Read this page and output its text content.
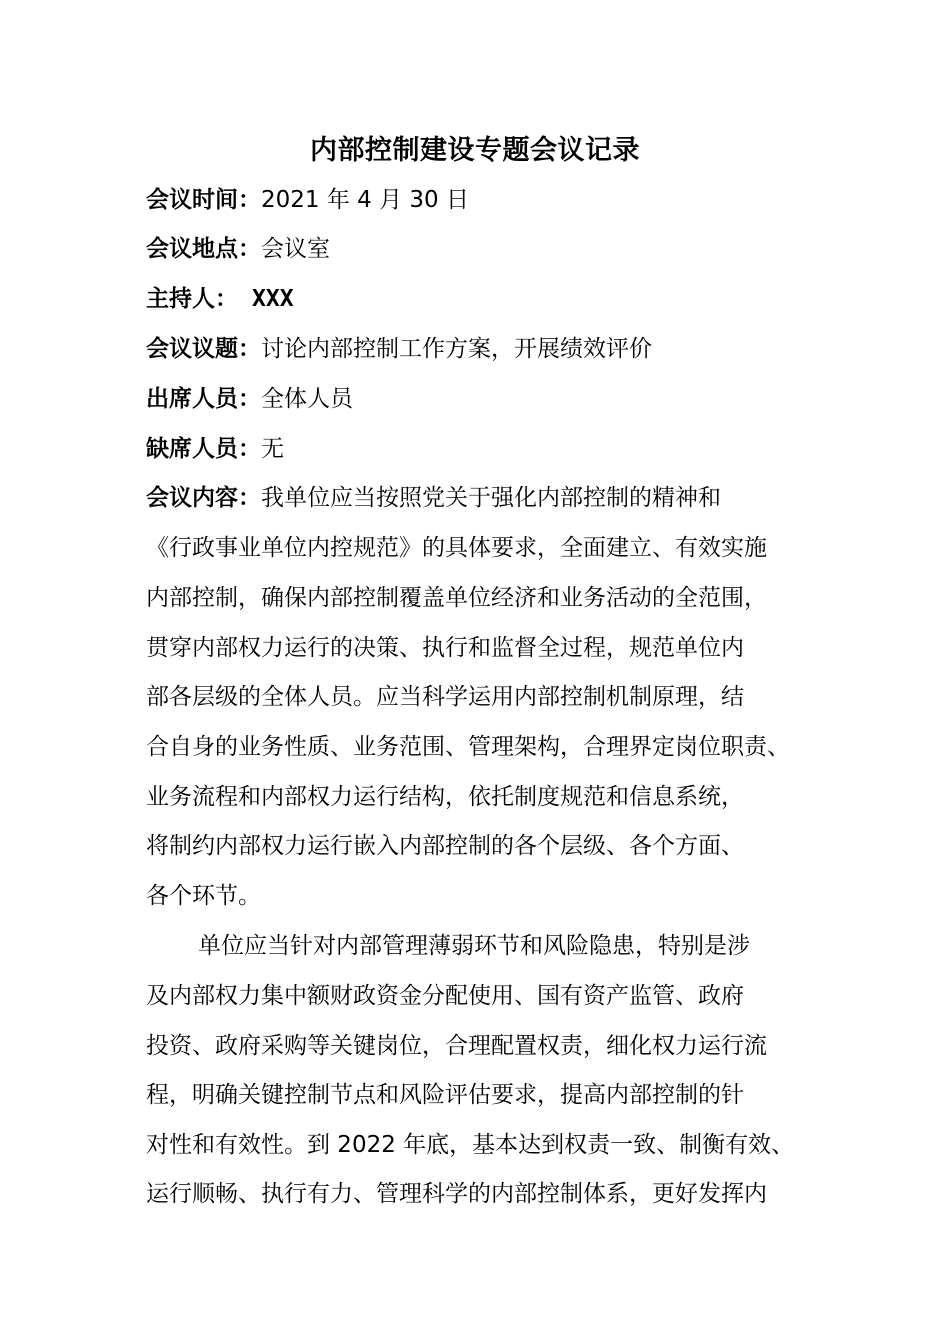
内部控制建设专题会议记录
会议时间：2021 年 4 月 30 日
会议地点：会议室
主持人： XXX
会议议题：讨论内部控制工作方案，开展绩效评价
出席人员：全体人员
缺席人员：无
会议内容：我单位应当按照党关于强化内部控制的精神和
《行政事业单位内控规范》的具体要求，全面建立、有效实施
内部控制，确保内部控制覆盖单位经济和业务活动的全范围，
贯穿内部权力运行的决策、执行和监督全过程，规范单位内
部各层级的全体人员。应当科学运用内部控制机制原理，结
合自身的业务性质、业务范围、管理架构，合理界定岗位职责、
业务流程和内部权力运行结构，依托制度规范和信息系统，
将制约内部权力运行嵌入内部控制的各个层级、各个方面、
各个环节。
单位应当针对内部管理薄弱环节和风险隐患，特别是涉
及内部权力集中额财政资金分配使用、国有资产监管、政府
投资、政府采购等关键岗位，合理配置权责，细化权力运行流
程，明确关键控制节点和风险评估要求，提高内部控制的针
对性和有效性。到 2022 年底，基本达到权责一致、制衡有效、
运行顺畅、执行有力、管理科学的内部控制体系，更好发挥内
